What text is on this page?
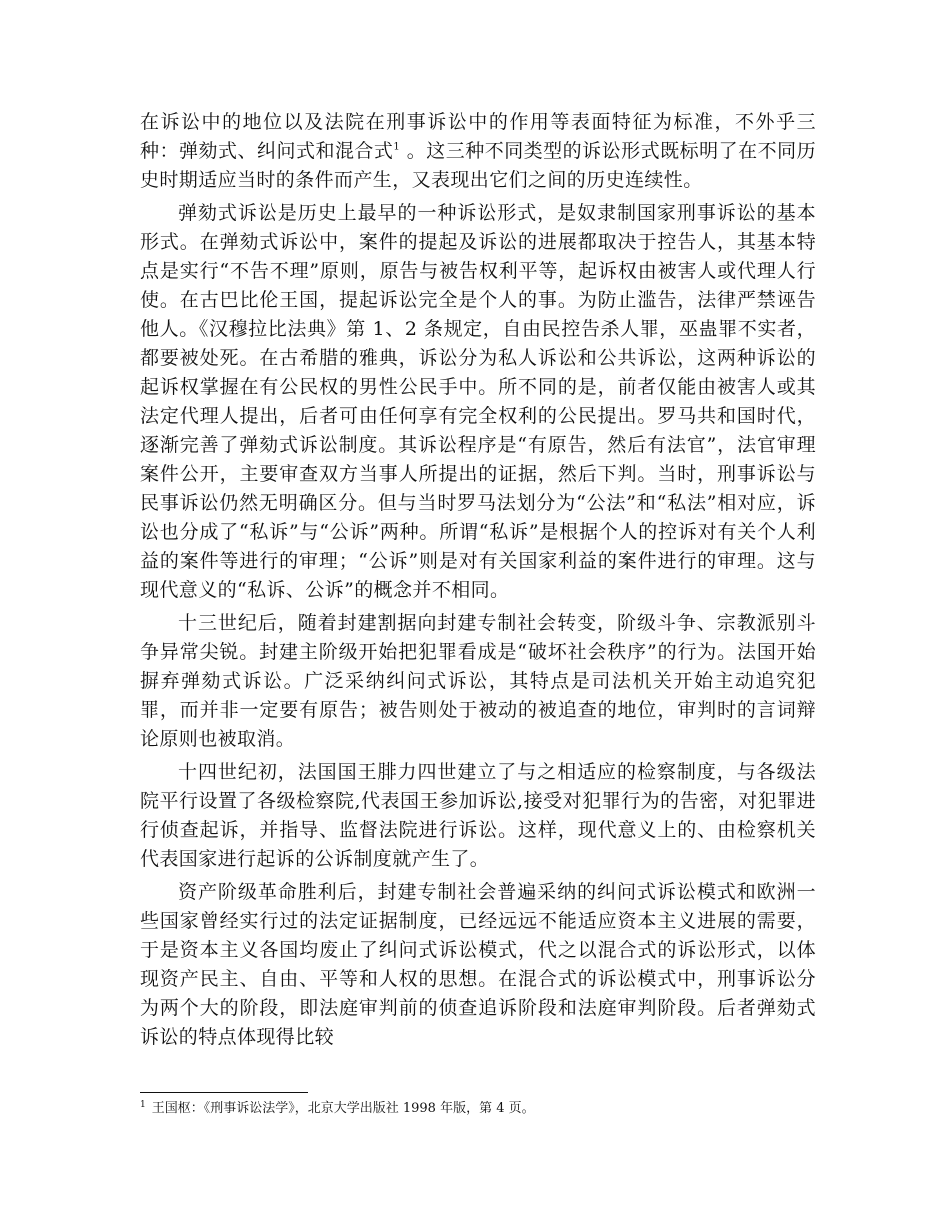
在诉讼中的地位以及法院在刑事诉讼中的作用等表面特征为标准，不外乎三种：弹劾式、纠问式和混合式$^1$ 。这三种不同类型的诉讼形式既标明了在不同历史时期适应当时的条件而产生，又表现出它们之间的历史连续性。

弹劾式诉讼是历史上最早的一种诉讼形式，是奴隶制国家刑事诉讼的基本形式。在弹劾式诉讼中，案件的提起及诉讼的进展都取决于控告人，其基本特点是实行“不告不理”原则，原告与被告权利平等，起诉权由被害人或代理人行使。在古巴比伦王国，提起诉讼完全是个人的事。为防止滥告，法律严禁诬告他人。《汉穆拉比法典》第 1、2 条规定，自由民控告杀人罪，巫蛊罪不实者，都要被处死。在古希腊的雅典，诉讼分为私人诉讼和公共诉讼，这两种诉讼的起诉权掌握在有公民权的男性公民手中。所不同的是，前者仅能由被害人或其法定代理人提出，后者可由任何享有完全权利的公民提出。罗马共和国时代，逐渐完善了弹劾式诉讼制度。其诉讼程序是“有原告，然后有法官”，法官审理案件公开，主要审查双方当事人所提出的证据，然后下判。当时，刑事诉讼与民事诉讼仍然无明确区分。但与当时罗马法划分为“公法”和“私法”相对应，诉讼也分成了“私诉”与“公诉”两种。所谓“私诉”是根据个人的控诉对有关个人利益的案件等进行的审理；“公诉”则是对有关国家利益的案件进行的审理。这与现代意义的“私诉、公诉”的概念并不相同。

十三世纪后，随着封建割据向封建专制社会转变，阶级斗争、宗教派别斗争异常尖锐。封建主阶级开始把犯罪看成是“破坏社会秩序”的行为。法国开始摒弃弹劾式诉讼。广泛采纳纠问式诉讼，其特点是司法机关开始主动追究犯罪，而并非一定要有原告；被告则处于被动的被追查的地位，审判时的言词辩论原则也被取消。

十四世纪初，法国国王腓力四世建立了与之相适应的检察制度，与各级法院平行设置了各级检察院,代表国王参加诉讼,接受对犯罪行为的告密，对犯罪进行侦查起诉，并指导、监督法院进行诉讼。这样，现代意义上的、由检察机关代表国家进行起诉的公诉制度就产生了。

资产阶级革命胜利后，封建专制社会普遍采纳的纠问式诉讼模式和欧洲一些国家曾经实行过的法定证据制度，已经远远不能适应资本主义进展的需要，于是资本主义各国均废止了纠问式诉讼模式，代之以混合式的诉讼形式，以体现资产民主、自由、平等和人权的思想。在混合式的诉讼模式中，刑事诉讼分为两个大的阶段，即法庭审判前的侦查追诉阶段和法庭审判阶段。后者弹劾式诉讼的特点体现得比较

$^1$ 王国枢：《刑事诉讼法学》，北京大学出版社 1998 年版，第 4 页。
